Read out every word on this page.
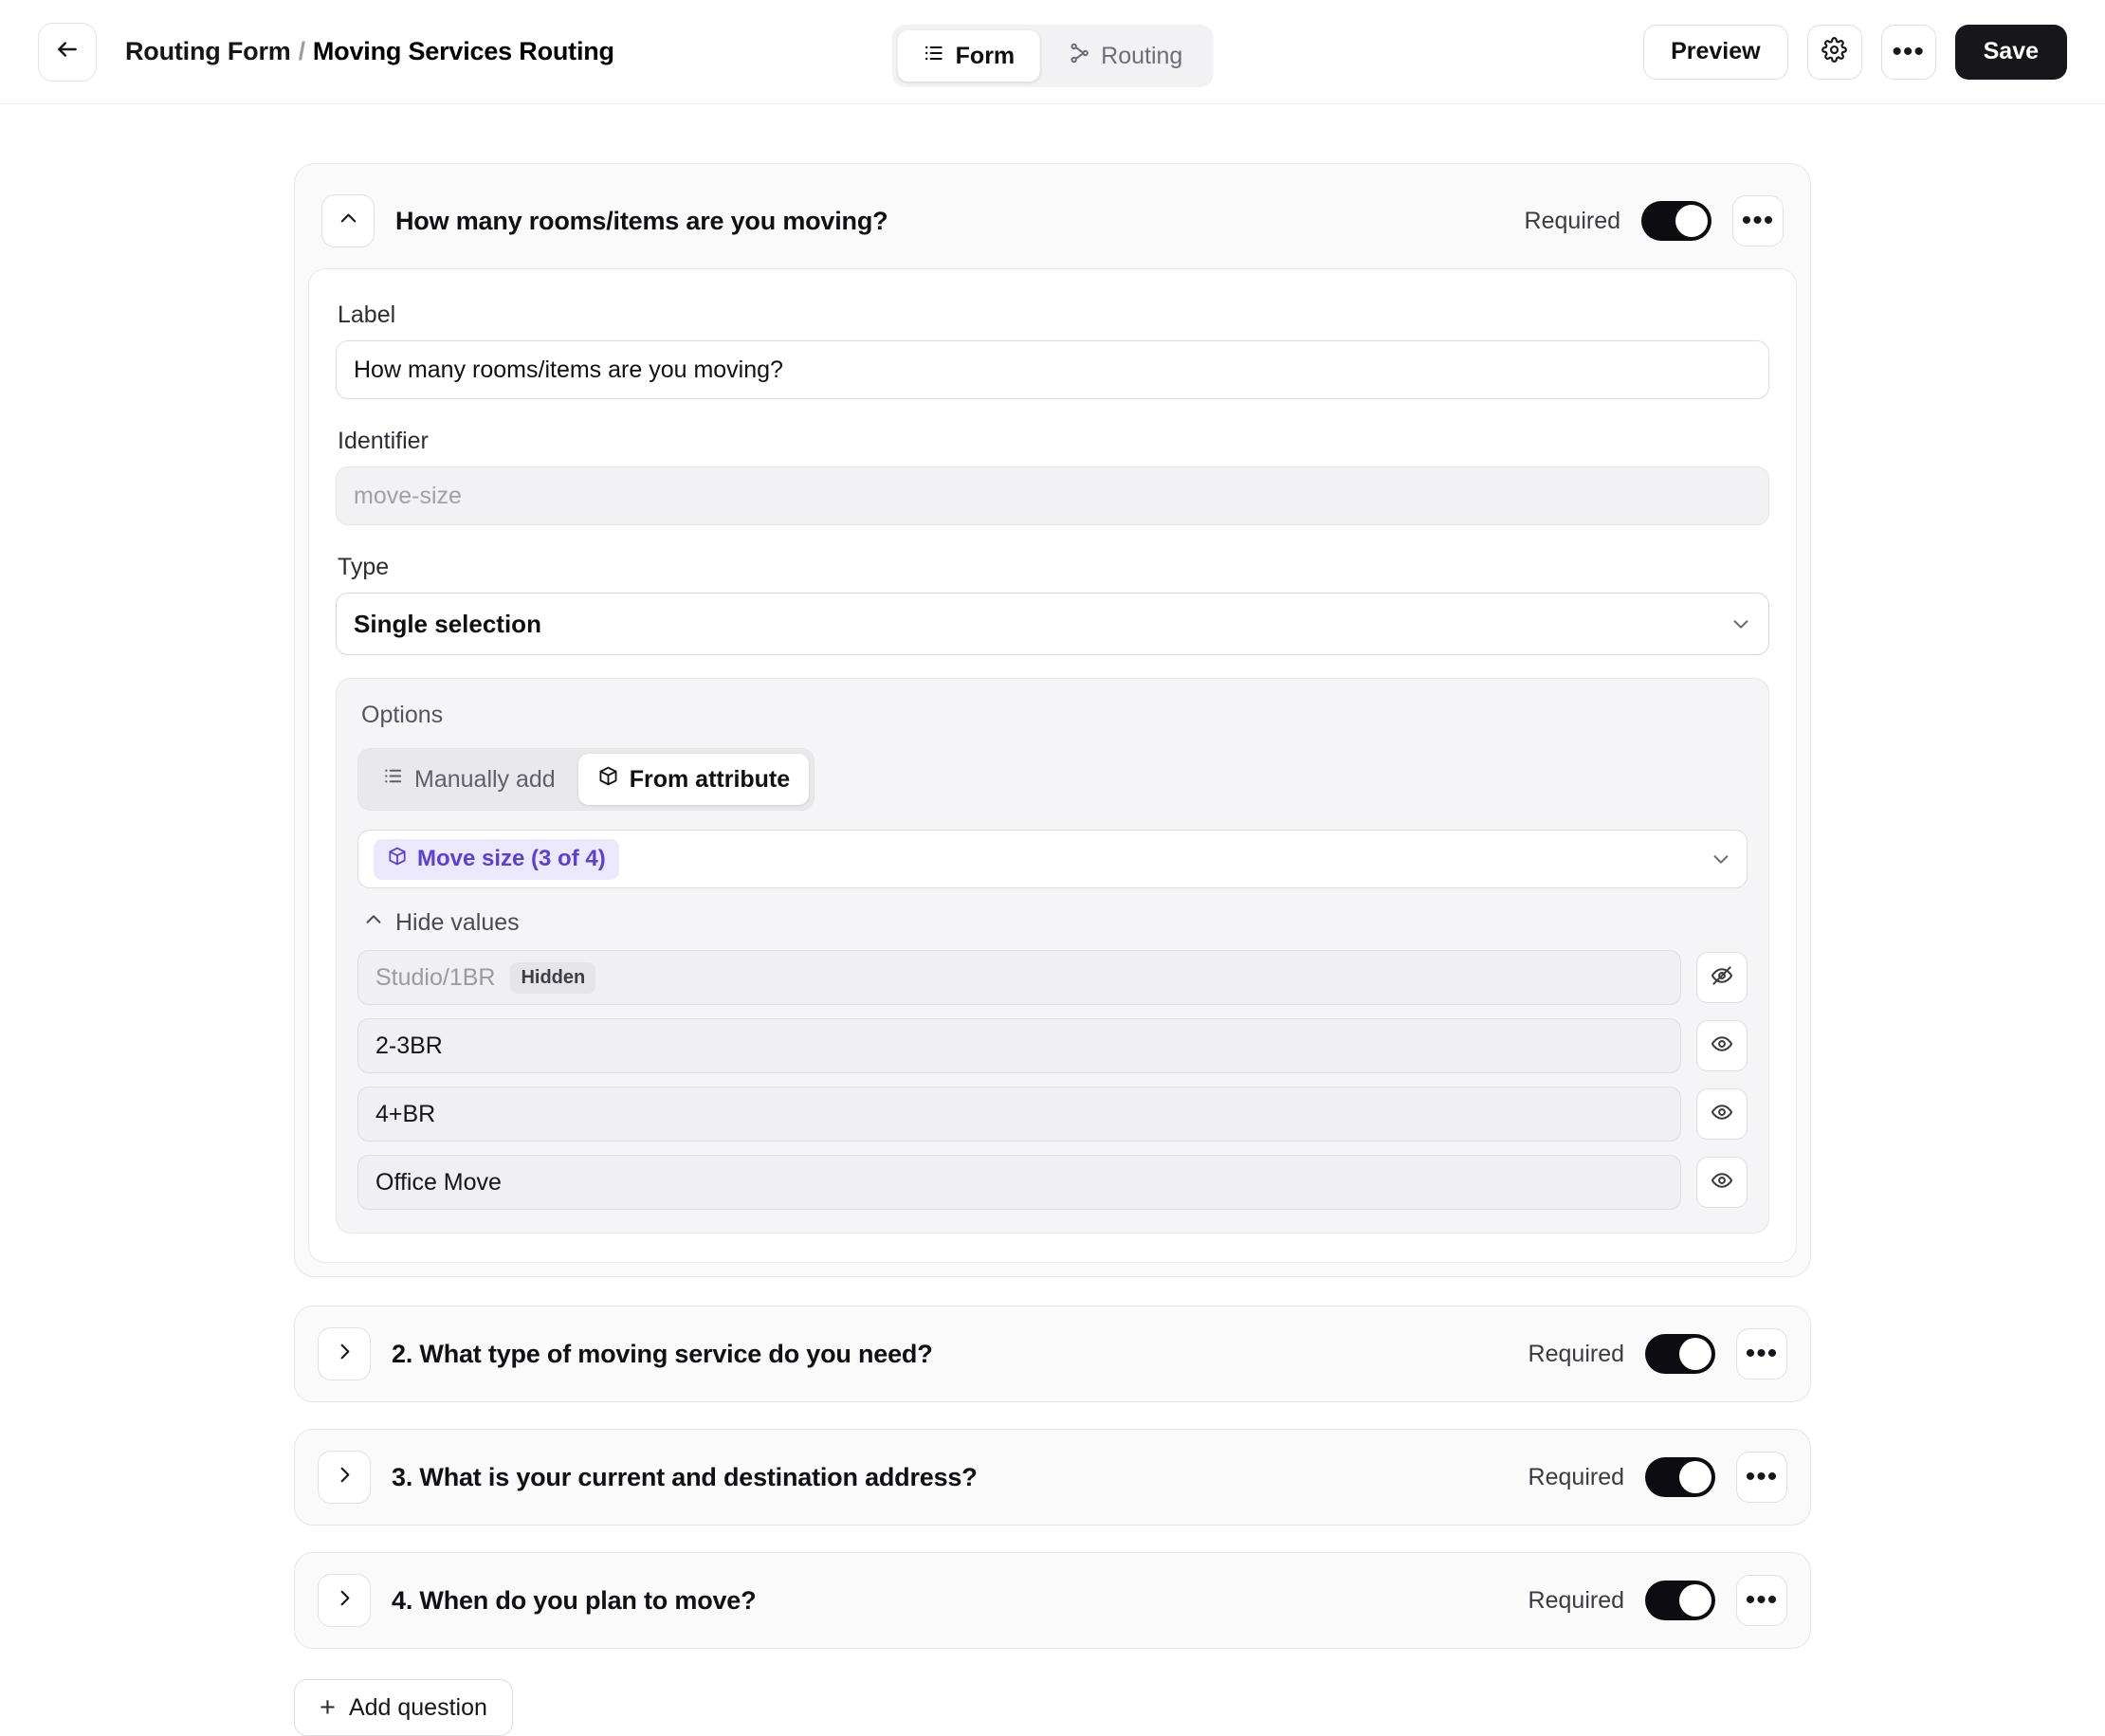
Routing Form / Moving Services Routing	Form	Routing	Preview	•••	Save
How many rooms/items are you moving?	Required	•••
Label
How many rooms/items are you moving?
Identifier
move-size
Type
Single selection
Options
Manually add	From attribute
Move size (3 of 4)
Hide values
Studio/1BR	Hidden
2-3BR
4+BR
Office Move
2. What type of moving service do you need?	Required	•••
3. What is your current and destination address?	Required	•••
4. When do you plan to move?	Required	•••
+ Add question
